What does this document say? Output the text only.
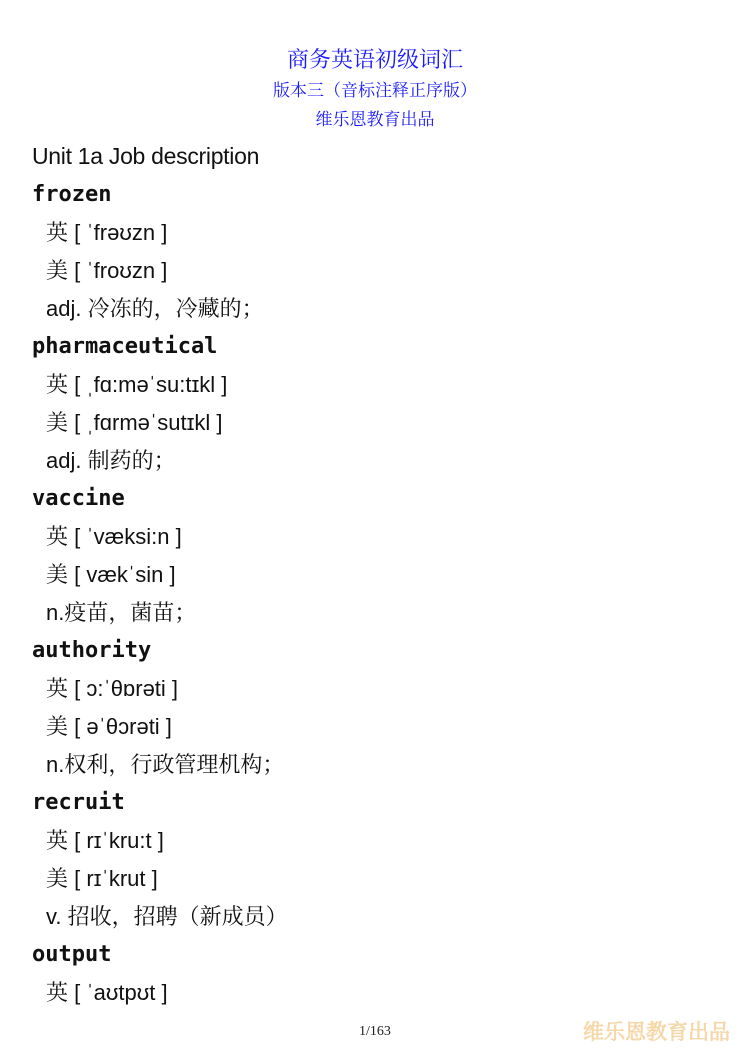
商务英语初级词汇
版本三（音标注释正序版）
维乐恩教育出品
Unit 1a Job description
frozen
英 [ ˈfrəʊzn ]
美 [ ˈfroʊzn ]
adj. 冷冻的，冷藏的；
pharmaceutical
英 [ ˌfɑ:məˈsu:tɪkl ]
美 [ ˌfɑrməˈsutɪkl ]
adj. 制药的；
vaccine
英 [ ˈvæksi:n ]
美 [ vækˈsin ]
n.疫苗，菌苗；
authority
英 [ ɔ:ˈθɒrəti ]
美 [ əˈθɔrəti ]
n.权利，行政管理机构；
recruit
英 [ rɪˈkru:t ]
美 [ rɪˈkrut ]
v. 招收，招聘（新成员）
output
英 [ ˈaʊtpʊt ]
1/163	维乐恩教育出品
